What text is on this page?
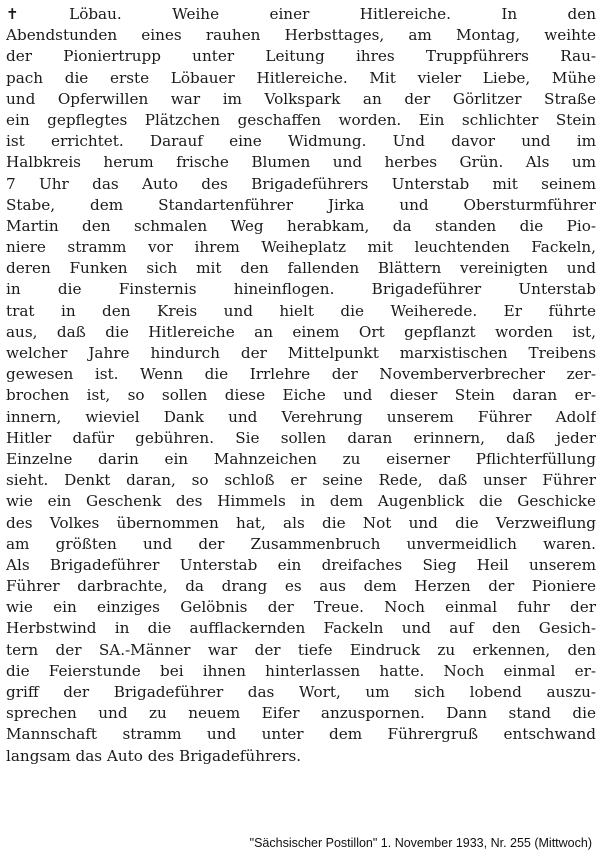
✝ Löbau. Weihe einer Hitlereiche. In den
Abendstunden eines rauhen Herbsttages, am Montag, weihte
der Pioniertrupp unter Leitung ihres Truppführers Rau-
pach die erste Löbauer Hitlereiche. Mit vieler Liebe, Mühe
und Opferwillen war im Volkspark an der Görlitzer Straße
ein gepflegtes Plätzchen geschaffen worden. Ein schlichter Stein
ist errichtet. Darauf eine Widmung. Und davor und im
Halbkreis herum frische Blumen und herbes Grün. Als um
7 Uhr das Auto des Brigadeführers Unterstab mit seinem
Stabe, dem Standartenführer Jirka und Obersturmführer
Martin den schmalen Weg herabkam, da standen die Pio-
niere stramm vor ihrem Weiheplatz mit leuchtenden Fackeln,
deren Funken sich mit den fallenden Blättern vereinigten und
in die Finsternis hineinflogen. Brigadeführer Unterstab
trat in den Kreis und hielt die Weiherede. Er führte
aus, daß die Hitlereiche an einem Ort gepflanzt worden ist,
welcher Jahre hindurch der Mittelpunkt marxistischen Treibens
gewesen ist. Wenn die Irrlehre der Novemberverbrecher zer-
brochen ist, so sollen diese Eiche und dieser Stein daran er-
innern, wieviel Dank und Verehrung unserem Führer Adolf
Hitler dafür gebühren. Sie sollen daran erinnern, daß jeder
Einzelne darin ein Mahnzeichen zu eiserner Pflichterfüllung
sieht. Denkt daran, so schloß er seine Rede, daß unser Führer
wie ein Geschenk des Himmels in dem Augenblick die Geschicke
des Volkes übernommen hat, als die Not und die Verzweiflung
am größten und der Zusammenbruch unvermeidlich waren.
Als Brigadeführer Unterstab ein dreifaches Sieg Heil unserem
Führer darbrachte, da drang es aus dem Herzen der Pioniere
wie ein einziges Gelöbnis der Treue. Noch einmal fuhr der
Herbstwind in die aufflackernden Fackeln und auf den Gesich-
tern der SA.-Männer war der tiefe Eindruck zu erkennen, den
die Feierstunde bei ihnen hinterlassen hatte. Noch einmal er-
griff der Brigadeführer das Wort, um sich lobend auszu-
sprechen und zu neuem Eifer anzuspornen. Dann stand die
Mannschaft stramm und unter dem Führergruß entschwand
langsam das Auto des Brigadeführers.
"Sächsischer Postillon" 1. November 1933, Nr. 255 (Mittwoch)
